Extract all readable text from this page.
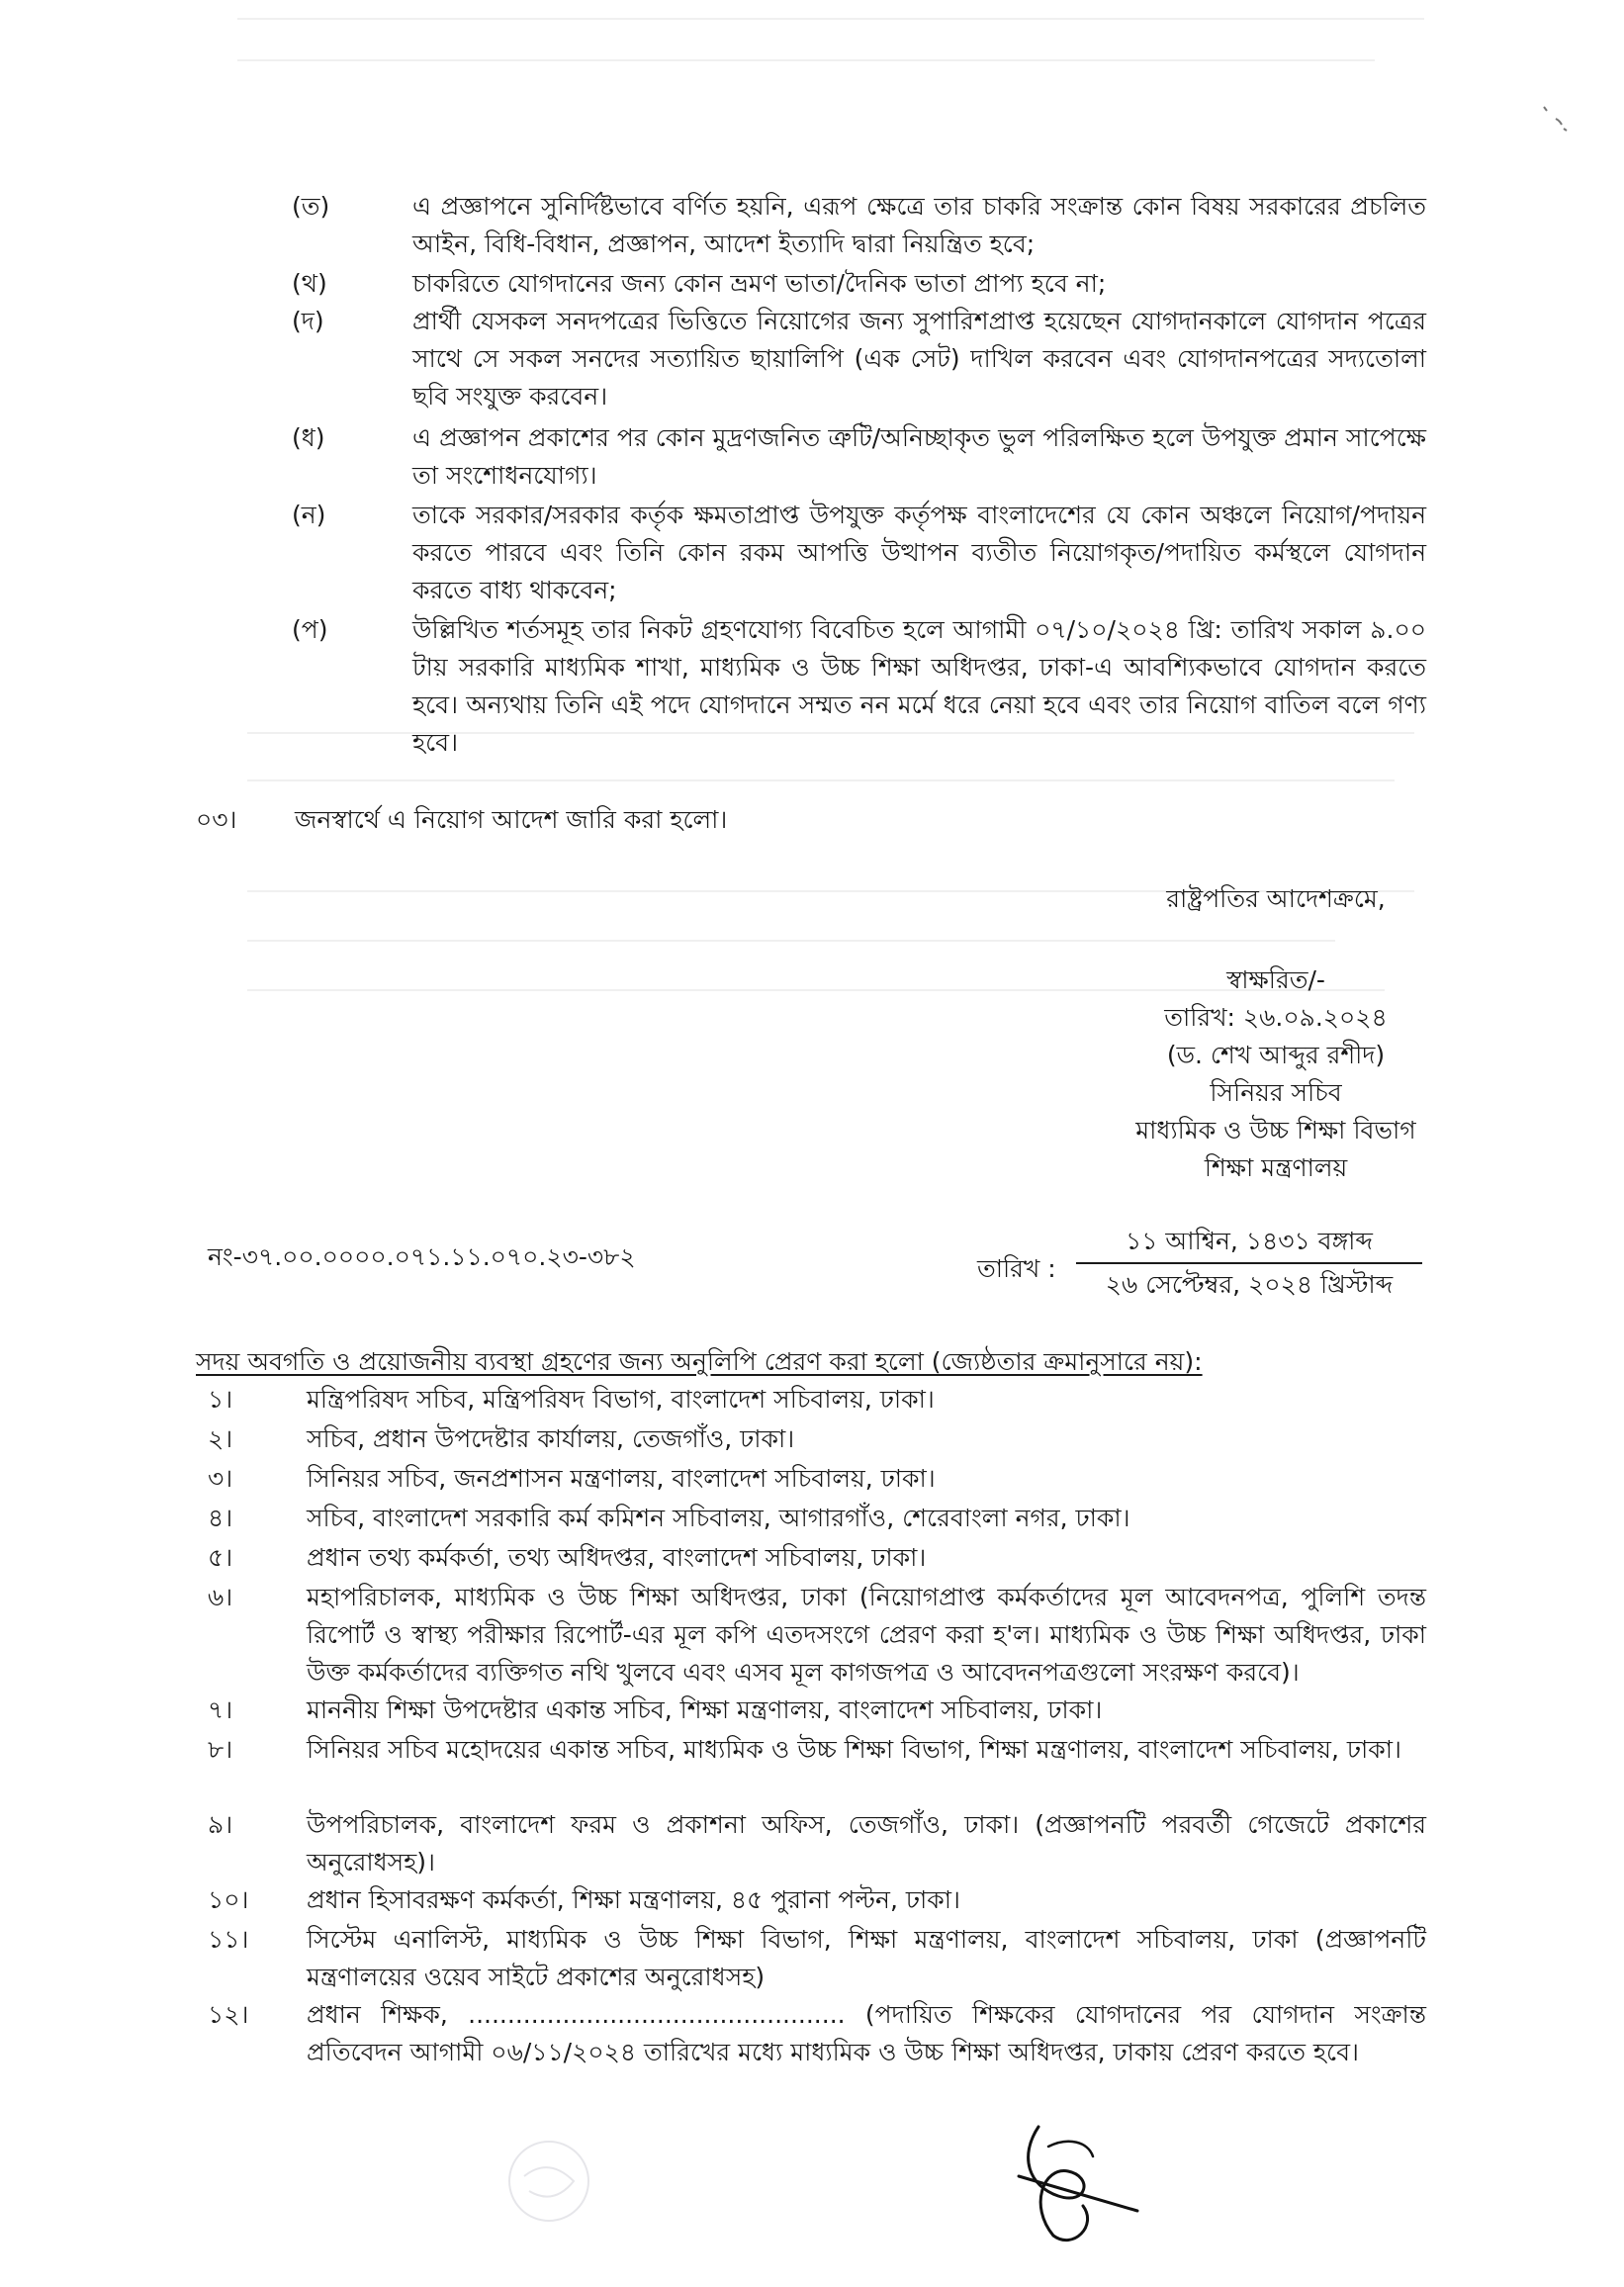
(ত)	এ প্রজ্ঞাপনে সুনির্দিষ্টভাবে বর্ণিত হয়নি, এরূপ ক্ষেত্রে তার চাকরি সংক্রান্ত কোন বিষয় সরকারের প্রচলিত আইন, বিধি-বিধান, প্রজ্ঞাপন, আদেশ ইত্যাদি দ্বারা নিয়ন্ত্রিত হবে;
(থ)	চাকরিতে যোগদানের জন্য কোন ভ্রমণ ভাতা/দৈনিক ভাতা প্রাপ্য হবে না;
(দ)	প্রার্থী যেসকল সনদপত্রের ভিত্তিতে নিয়োগের জন্য সুপারিশপ্রাপ্ত হয়েছেন যোগদানকালে যোগদান পত্রের সাথে সে সকল সনদের সত্যায়িত ছায়ালিপি (এক সেট) দাখিল করবেন এবং যোগদানপত্রের সদ্যতোলা ছবি সংযুক্ত করবেন।
(ধ)	এ প্রজ্ঞাপন প্রকাশের পর কোন মুদ্রণজনিত ত্রুটি/অনিচ্ছাকৃত ভুল পরিলক্ষিত হলে উপযুক্ত প্রমান সাপেক্ষে তা সংশোধনযোগ্য।
(ন)	তাকে সরকার/সরকার কর্তৃক ক্ষমতাপ্রাপ্ত উপযুক্ত কর্তৃপক্ষ বাংলাদেশের যে কোন অঞ্চলে নিয়োগ/পদায়ন করতে পারবে এবং তিনি কোন রকম আপত্তি উত্থাপন ব্যতীত নিয়োগকৃত/পদায়িত কর্মস্থলে যোগদান করতে বাধ্য থাকবেন;
(প)	উল্লিখিত শর্তসমূহ তার নিকট গ্রহণযোগ্য বিবেচিত হলে আগামী ০৭/১০/২০২৪ খ্রি: তারিখ সকাল ৯.০০ টায় সরকারি মাধ্যমিক শাখা, মাধ্যমিক ও উচ্চ শিক্ষা অধিদপ্তর, ঢাকা-এ আবশ্যিকভাবে যোগদান করতে হবে। অন্যথায় তিনি এই পদে যোগদানে সম্মত নন মর্মে ধরে নেয়া হবে এবং তার নিয়োগ বাতিল বলে গণ্য হবে।
০৩। জনস্বার্থে এ নিয়োগ আদেশ জারি করা হলো।
রাষ্ট্রপতির আদেশক্রমে,
স্বাক্ষরিত/-
তারিখ: ২৬.০৯.২০২৪
(ড. শেখ আব্দুর রশীদ)
সিনিয়র সচিব
মাধ্যমিক ও উচ্চ শিক্ষা বিভাগ
শিক্ষা মন্ত্রণালয়
নং-৩৭.০০.০০০০.০৭১.১১.০৭০.২৩-৩৮২	তারিখ :
১১ আশ্বিন, ১৪৩১ বঙ্গাব্দ
২৬ সেপ্টেম্বর, ২০২৪ খ্রিস্টাব্দ
সদয় অবগতি ও প্রয়োজনীয় ব্যবস্থা গ্রহণের জন্য অনুলিপি প্রেরণ করা হলো (জ্যেষ্ঠতার ক্রমানুসারে নয়):
১।	মন্ত্রিপরিষদ সচিব, মন্ত্রিপরিষদ বিভাগ, বাংলাদেশ সচিবালয়, ঢাকা।
২।	সচিব, প্রধান উপদেষ্টার কার্যালয়, তেজগাঁও, ঢাকা।
৩।	সিনিয়র সচিব, জনপ্রশাসন মন্ত্রণালয়, বাংলাদেশ সচিবালয়, ঢাকা।
৪।	সচিব, বাংলাদেশ সরকারি কর্ম কমিশন সচিবালয়, আগারগাঁও, শেরেবাংলা নগর, ঢাকা।
৫।	প্রধান তথ্য কর্মকর্তা, তথ্য অধিদপ্তর, বাংলাদেশ সচিবালয়, ঢাকা।
৬।	মহাপরিচালক, মাধ্যমিক ও উচ্চ শিক্ষা অধিদপ্তর, ঢাকা (নিয়োগপ্রাপ্ত কর্মকর্তাদের মূল আবেদনপত্র, পুলিশি তদন্ত রিপোর্ট ও স্বাস্থ্য পরীক্ষার রিপোর্ট-এর মূল কপি এতদসংগে প্রেরণ করা হ'ল। মাধ্যমিক ও উচ্চ শিক্ষা অধিদপ্তর, ঢাকা উক্ত কর্মকর্তাদের ব্যক্তিগত নথি খুলবে এবং এসব মূল কাগজপত্র ও আবেদনপত্রগুলো সংরক্ষণ করবে)।
৭।	মাননীয় শিক্ষা উপদেষ্টার একান্ত সচিব, শিক্ষা মন্ত্রণালয়, বাংলাদেশ সচিবালয়, ঢাকা।
৮।	সিনিয়র সচিব মহোদয়ের একান্ত সচিব, মাধ্যমিক ও উচ্চ শিক্ষা বিভাগ, শিক্ষা মন্ত্রণালয়, বাংলাদেশ সচিবালয়, ঢাকা।
৯।	উপপরিচালক, বাংলাদেশ ফরম ও প্রকাশনা অফিস, তেজগাঁও, ঢাকা। (প্রজ্ঞাপনটি পরবর্তী গেজেটে প্রকাশের অনুরোধসহ)।
১০। প্রধান হিসাবরক্ষণ কর্মকর্তা, শিক্ষা মন্ত্রণালয়, ৪৫ পুরানা পল্টন, ঢাকা।
১১। সিস্টেম এনালিস্ট, মাধ্যমিক ও উচ্চ শিক্ষা বিভাগ, শিক্ষা মন্ত্রণালয়, বাংলাদেশ সচিবালয়, ঢাকা (প্রজ্ঞাপনটি মন্ত্রণালয়ের ওয়েব সাইটে প্রকাশের অনুরোধসহ)
১২। প্রধান শিক্ষক, ................................................ (পদায়িত শিক্ষকের যোগদানের পর যোগদান সংক্রান্ত প্রতিবেদন আগামী ০৬/১১/২০২৪ তারিখের মধ্যে মাধ্যমিক ও উচ্চ শিক্ষা অধিদপ্তর, ঢাকায় প্রেরণ করতে হবে।
